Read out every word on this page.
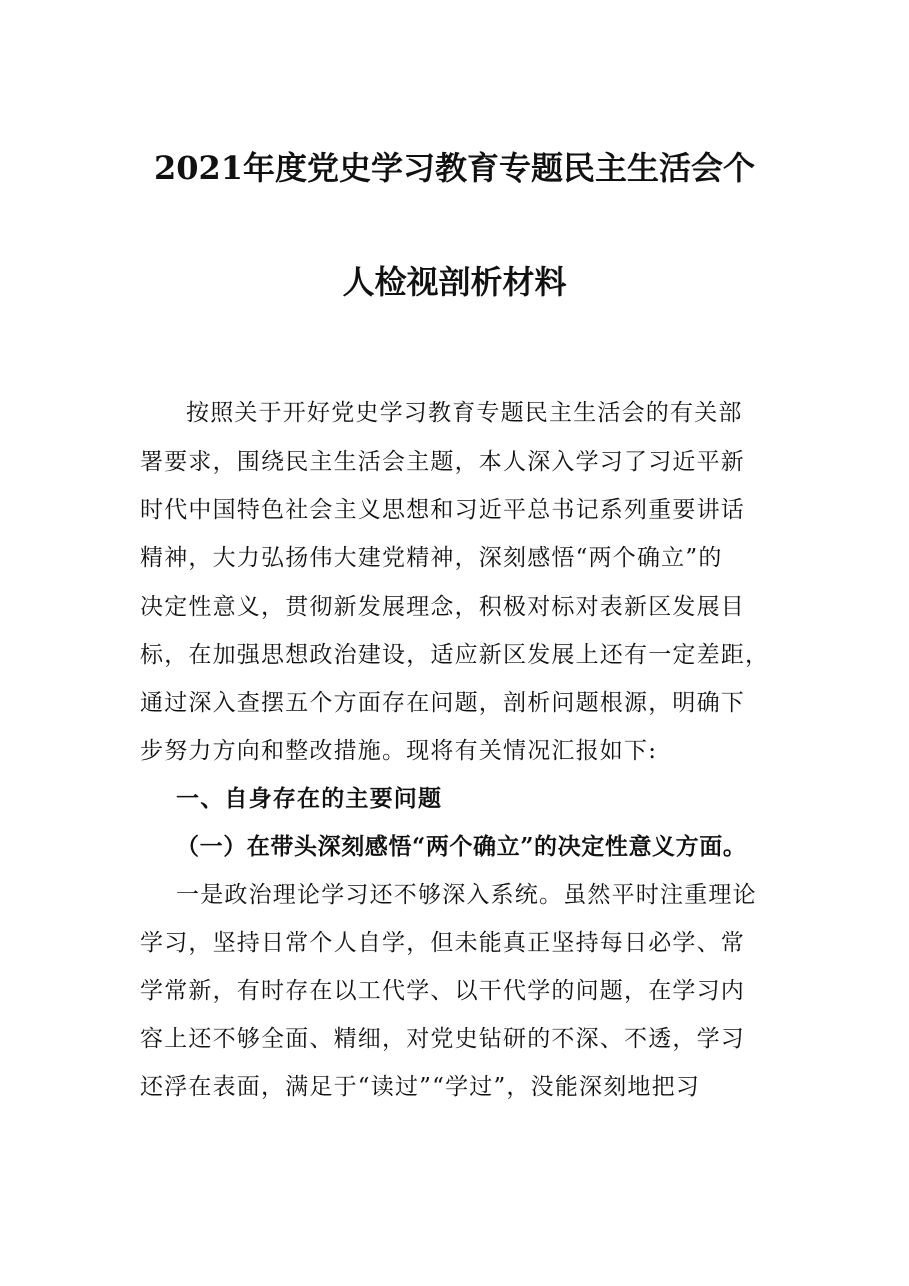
2021年度党史学习教育专题民主生活会个
人检视剖析材料
按照关于开好党史学习教育专题民主生活会的有关部
署要求，围绕民主生活会主题，本人深入学习了习近平新
时代中国特色社会主义思想和习近平总书记系列重要讲话
精神，大力弘扬伟大建党精神，深刻感悟“两个确立”的
决定性意义，贯彻新发展理念，积极对标对表新区发展目
标，在加强思想政治建设，适应新区发展上还有一定差距，
通过深入查摆五个方面存在问题，剖析问题根源，明确下
步努力方向和整改措施。现将有关情况汇报如下:
一、自身存在的主要问题
（一）在带头深刻感悟“两个确立”的决定性意义方面。
一是政治理论学习还不够深入系统。虽然平时注重理论
学习，坚持日常个人自学，但未能真正坚持每日必学、常
学常新，有时存在以工代学、以干代学的问题，在学习内
容上还不够全面、精细，对党史钻研的不深、不透，学习
还浮在表面，满足于“读过”“学过”，没能深刻地把习
